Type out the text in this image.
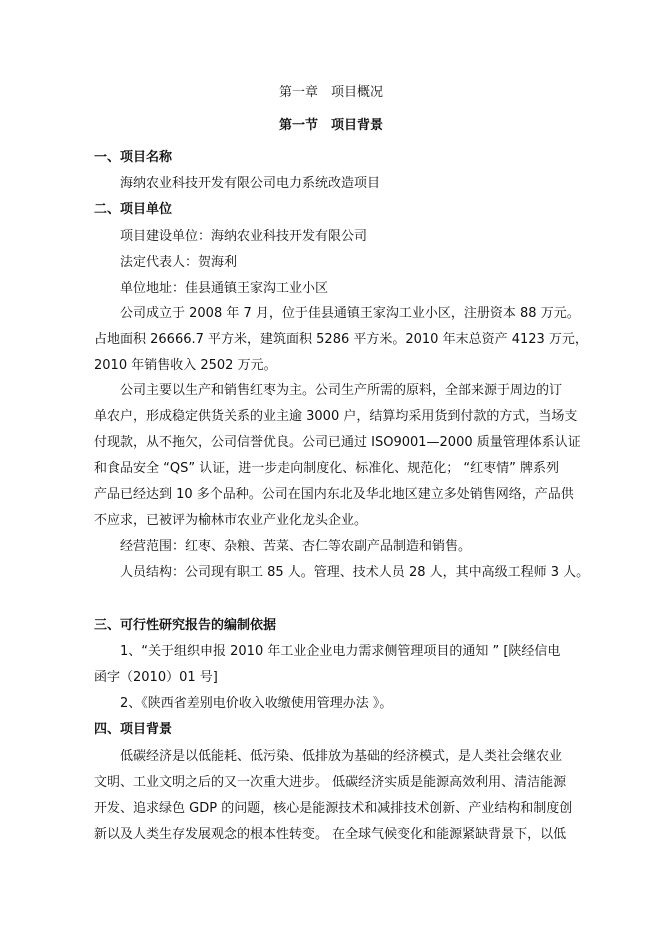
第一章　项目概况
第一节　项目背景
一、项目名称
海纳农业科技开发有限公司电力系统改造项目
二、项目单位
项目建设单位：海纳农业科技开发有限公司
法定代表人：贺海利
单位地址：佳县通镇王家沟工业小区
公司成立于 2008 年 7 月，位于佳县通镇王家沟工业小区，注册资本 88 万元。
占地面积 26666.7 平方米，建筑面积 5286 平方米。2010 年末总资产 4123 万元，
2010 年销售收入 2502 万元。
公司主要以生产和销售红枣为主。公司生产所需的原料，全部来源于周边的订
单农户，形成稳定供货关系的业主逾 3000 户，结算均采用货到付款的方式，当场支
付现款，从不拖欠，公司信誉优良。公司已通过 ISO9001—2000 质量管理体系认证
和食品安全 “QS” 认证，进一步走向制度化、标准化、规范化； “红枣情” 牌系列
产品已经达到 10 多个品种。公司在国内东北及华北地区建立多处销售网络，产品供
不应求，已被评为榆林市农业产业化龙头企业。
经营范围：红枣、杂粮、苦菜、杏仁等农副产品制造和销售。
人员结构：公司现有职工 85 人。管理、技术人员 28 人，其中高级工程师 3 人。
三、可行性研究报告的编制依据
1、“关于组织申报 2010 年工业企业电力需求侧管理项目的通知 ” [陕经信电
函字（2010）01 号]
2、《陕西省差别电价收入收缴使用管理办法 》。
四、项目背景
低碳经济是以低能耗、低污染、低排放为基础的经济模式，是人类社会继农业
文明、工业文明之后的又一次重大进步。 低碳经济实质是能源高效利用、清洁能源
开发、追求绿色 GDP 的问题，核心是能源技术和减排技术创新、产业结构和制度创
新以及人类生存发展观念的根本性转变。 在全球气候变化和能源紧缺背景下，以低
